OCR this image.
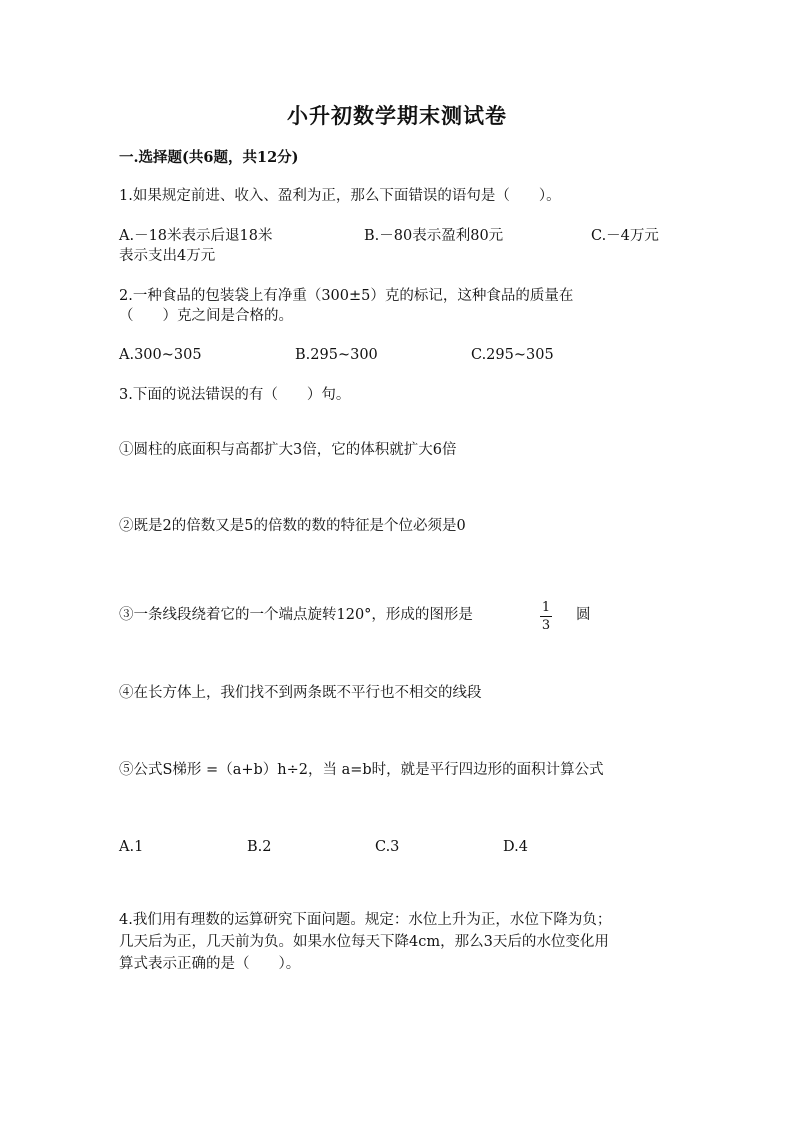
小升初数学期末测试卷
一.选择题(共6题，共12分)
1.如果规定前进、收入、盈利为正，那么下面错误的语句是（　　）。
A.－18米表示后退18米	B.－80表示盈利80元	C.－4万元
表示支出4万元
2.一种食品的包装袋上有净重（300±5）克的标记，这种食品的质量在
（　　）克之间是合格的。
A.300~305	B.295~300	C.295~305
3.下面的说法错误的有（　　）句。
①圆柱的底面积与高都扩大3倍，它的体积就扩大6倍
②既是2的倍数又是5的倍数的数的特征是个位必须是0
③一条线段绕着它的一个端点旋转120°，形成的图形是	1
3
圆
④在长方体上，我们找不到两条既不平行也不相交的线段
⑤公式S梯形 =（a+b）h÷2，当 a=b时，就是平行四边形的面积计算公式
A.1	B.2	C.3	D.4
4.我们用有理数的运算研究下面问题。规定：水位上升为正，水位下降为负；
几天后为正，几天前为负。如果水位每天下降4cm，那么3天后的水位变化用
算式表示正确的是（　　）。
